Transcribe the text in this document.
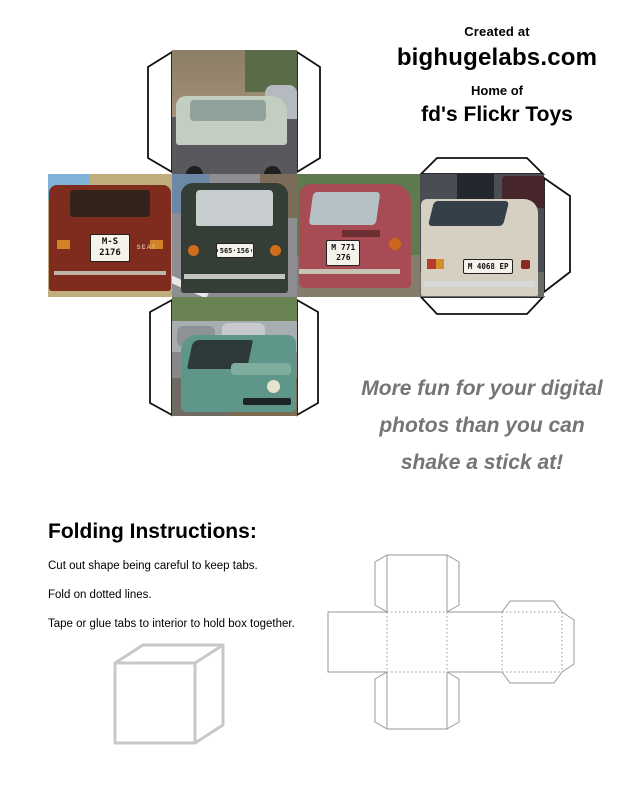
Created at
bighugelabs.com
Home of
fd's Flickr Toys
M-S
2176	SEAT	565·156	M 771
276
M 4068 EP
More fun for your digital photos than you can shake a stick at!
Folding Instructions:

Cut out shape being careful to keep tabs.

Fold on dotted lines.

Tape or glue tabs to interior to hold box together.
